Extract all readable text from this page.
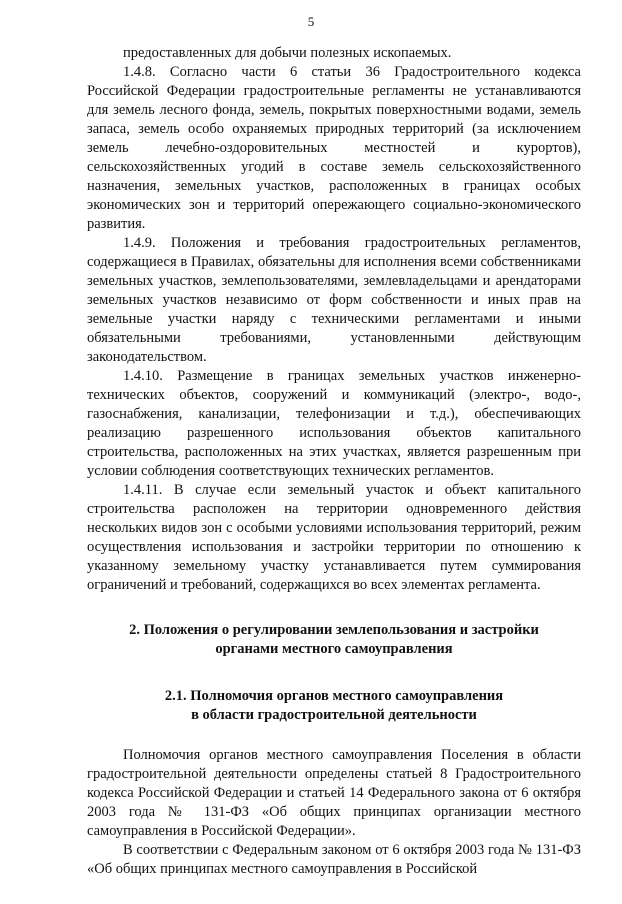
5

предоставленных для добычи полезных ископаемых.

1.4.8. Согласно части 6 статьи 36 Градостроительного кодекса Российской Федерации градостроительные регламенты не устанавливаются для земель лесного фонда, земель, покрытых поверхностными водами, земель запаса, земель особо охраняемых природных территорий (за исключением земель лечебно-оздоровительных местностей и курортов), сельскохозяйственных угодий в составе земель сельскохозяйственного назначения, земельных участков, расположенных в границах особых экономических зон и территорий опережающего социально-экономического развития.

1.4.9. Положения и требования градостроительных регламентов, содержащиеся в Правилах, обязательны для исполнения всеми собственниками земельных участков, землепользователями, землевладельцами и арендаторами земельных участков независимо от форм собственности и иных прав на земельные участки наряду с техническими регламентами и иными обязательными требованиями, установленными действующим законодательством.

1.4.10. Размещение в границах земельных участков инженерно-технических объектов, сооружений и коммуникаций (электро-, водо-, газоснабжения, канализации, телефонизации и т.д.), обеспечивающих реализацию разрешенного использования объектов капитального строительства, расположенных на этих участках, является разрешенным при условии соблюдения соответствующих технических регламентов.

1.4.11. В случае если земельный участок и объект капитального строительства расположен на территории одновременного действия нескольких видов зон с особыми условиями использования территорий, режим осуществления использования и застройки территории по отношению к указанному земельному участку устанавливается путем суммирования ограничений и требований, содержащихся во всех элементах регламента.

2. Положения о регулировании землепользования и застройки
органами местного самоуправления
2.1. Полномочия органов местного самоуправления
в области градостроительной деятельности

Полномочия органов местного самоуправления Поселения в области градостроительной деятельности определены статьей 8 Градостроительного кодекса Российской Федерации и статьей 14 Федерального закона от 6 октября 2003 года № 131-ФЗ «Об общих принципах организации местного самоуправления в Российской Федерации».

В соответствии с Федеральным законом от 6 октября 2003 года № 131-ФЗ «Об общих принципах местного самоуправления в Российской
